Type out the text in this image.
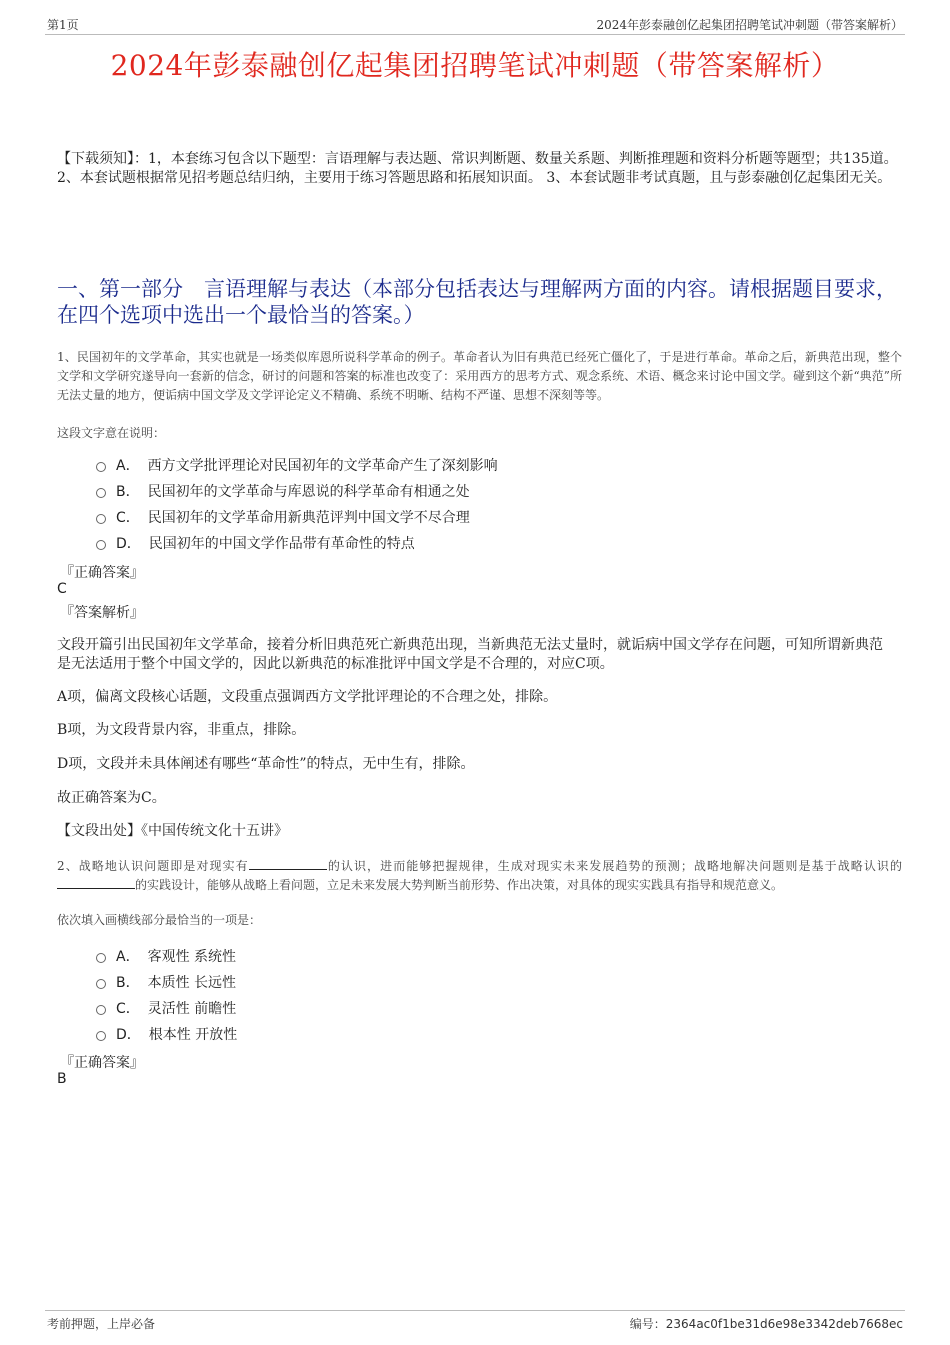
第1页	2024年彭泰融创亿起集团招聘笔试冲刺题（带答案解析）
2024年彭泰融创亿起集团招聘笔试冲刺题（带答案解析）
【下载须知】：1，本套练习包含以下题型：言语理解与表达题、常识判断题、数量关系题、判断推理题和资料分析题等题型；共135道。 2、本套试题根据常见招考题总结归纳，主要用于练习答题思路和拓展知识面。 3、本套试题非考试真题，且与彭泰融创亿起集团无关。
一、第一部分　言语理解与表达（本部分包括表达与理解两方面的内容。请根据题目要求，在四个选项中选出一个最恰当的答案。）
1、民国初年的文学革命，其实也就是一场类似库恩所说科学革命的例子。革命者认为旧有典范已经死亡僵化了，于是进行革命。革命之后，新典范出现，整个文学和文学研究遂导向一套新的信念，研讨的问题和答案的标准也改变了：采用西方的思考方式、观念系统、术语、概念来讨论中国文学。碰到这个新“典范”所无法丈量的地方，便诟病中国文学及文学评论定义不精确、系统不明晰、结构不严谨、思想不深刻等等。
这段文字意在说明：
A． 西方文学批评理论对民国初年的文学革命产生了深刻影响
B． 民国初年的文学革命与库恩说的科学革命有相通之处
C． 民国初年的文学革命用新典范评判中国文学不尽合理
D． 民国初年的中国文学作品带有革命性的特点
『正确答案』
C
『答案解析』
文段开篇引出民国初年文学革命，接着分析旧典范死亡新典范出现，当新典范无法丈量时，就诟病中国文学存在问题，可知所谓新典范是无法适用于整个中国文学的，因此以新典范的标准批评中国文学是不合理的，对应C项。
A项，偏离文段核心话题，文段重点强调西方文学批评理论的不合理之处，排除。
B项，为文段背景内容，非重点，排除。
D项，文段并未具体阐述有哪些“革命性”的特点，无中生有，排除。
故正确答案为C。
【文段出处】《中国传统文化十五讲》
2、战略地认识问题即是对现实有	的认识，进而能够把握规律，生成对现实未来发展趋势的预测；战略地解决问题则是基于战略认识的的实践设计，能够从战略上看问题，立足未来发展大势判断当前形势、作出决策，对具体的现实实践具有指导和规范意义。
依次填入画横线部分最恰当的一项是：
A． 客观性 系统性
B． 本质性 长远性
C． 灵活性 前瞻性
D． 根本性 开放性
『正确答案』
B
考前押题，上岸必备	编号：2364ac0f1be31d6e98e3342deb7668ec
